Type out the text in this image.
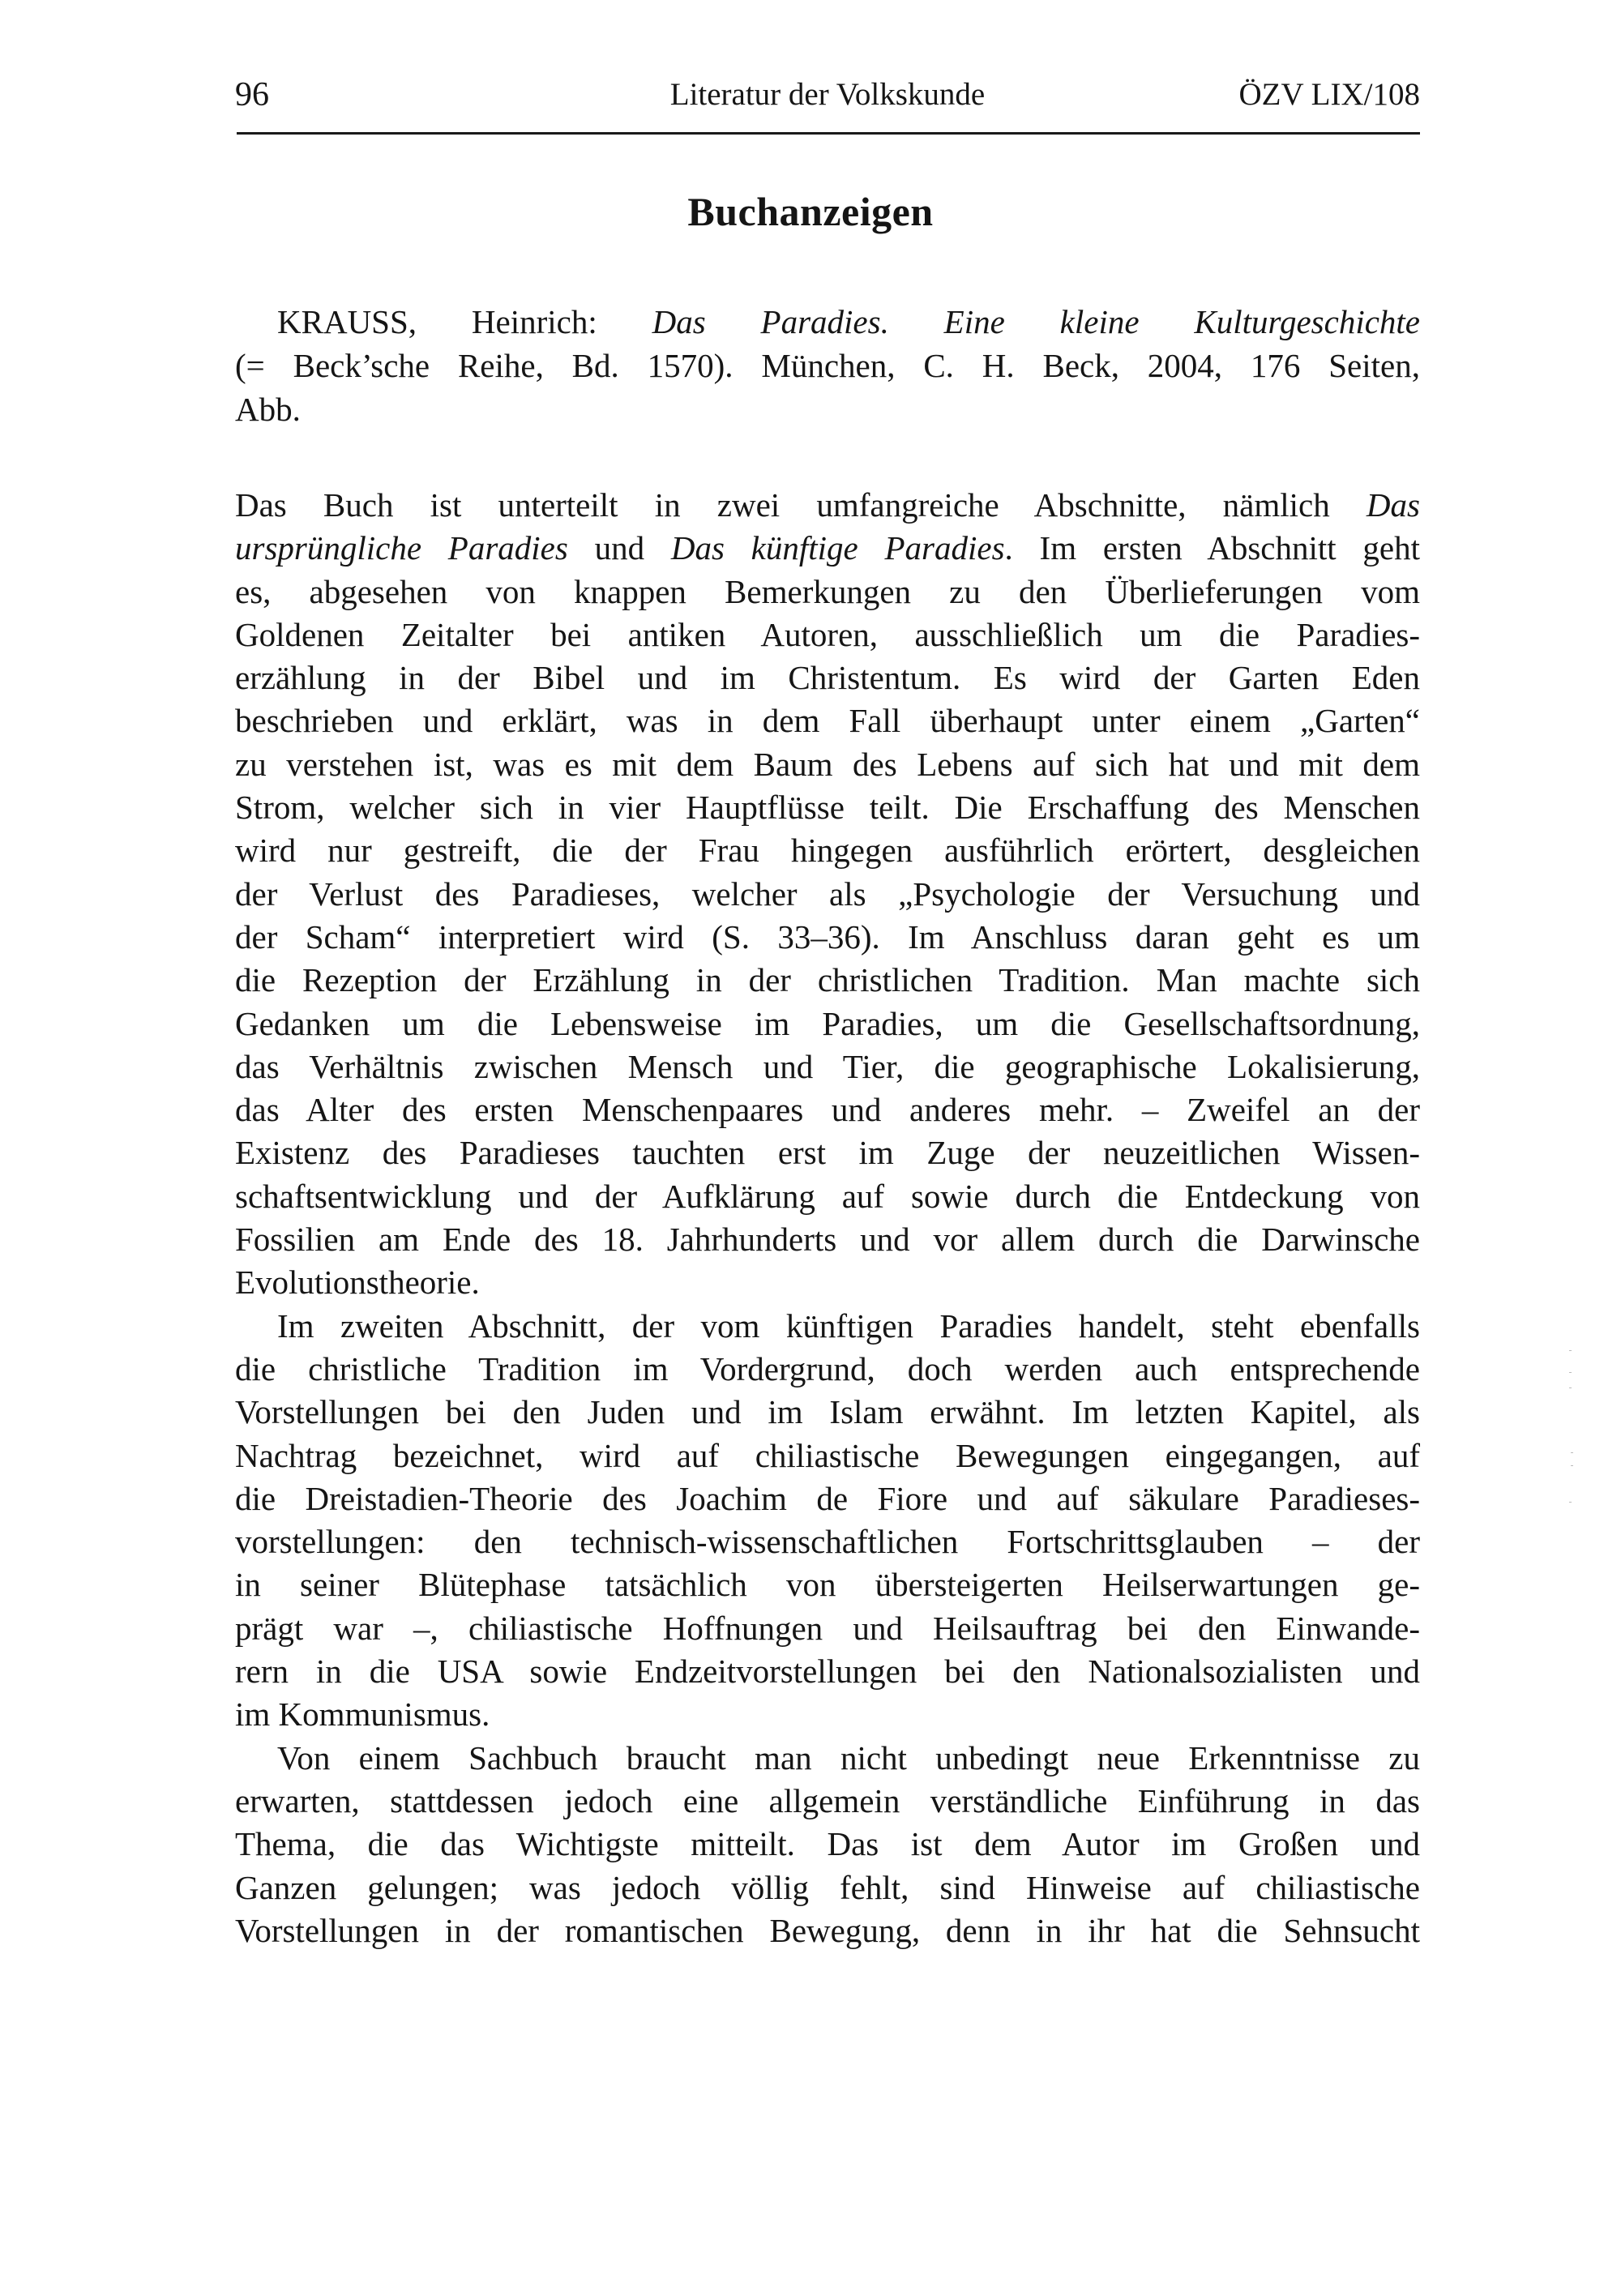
96	Literatur der Volkskunde	ÖZV LIX/108
Buchanzeigen
KRAUSS, Heinrich: Das Paradies. Eine kleine Kulturgeschichte
(= Beck’sche Reihe, Bd. 1570). München, C. H. Beck, 2004, 176 Seiten,
Abb.
Das Buch ist unterteilt in zwei umfangreiche Abschnitte, nämlich Das
ursprüngliche Paradies und Das künftige Paradies. Im ersten Abschnitt geht
es, abgesehen von knappen Bemerkungen zu den Überlieferungen vom
Goldenen Zeitalter bei antiken Autoren, ausschließlich um die Paradies-
erzählung in der Bibel und im Christentum. Es wird der Garten Eden
beschrieben und erklärt, was in dem Fall überhaupt unter einem „Garten“
zu verstehen ist, was es mit dem Baum des Lebens auf sich hat und mit dem
Strom, welcher sich in vier Hauptflüsse teilt. Die Erschaffung des Menschen
wird nur gestreift, die der Frau hingegen ausführlich erörtert, desgleichen
der Verlust des Paradieses, welcher als „Psychologie der Versuchung und
der Scham“ interpretiert wird (S. 33–36). Im Anschluss daran geht es um
die Rezeption der Erzählung in der christlichen Tradition. Man machte sich
Gedanken um die Lebensweise im Paradies, um die Gesellschaftsordnung,
das Verhältnis zwischen Mensch und Tier, die geographische Lokalisierung,
das Alter des ersten Menschenpaares und anderes mehr. – Zweifel an der
Existenz des Paradieses tauchten erst im Zuge der neuzeitlichen Wissen-
schaftsentwicklung und der Aufklärung auf sowie durch die Entdeckung von
Fossilien am Ende des 18. Jahrhunderts und vor allem durch die Darwinsche
Evolutionstheorie.
Im zweiten Abschnitt, der vom künftigen Paradies handelt, steht ebenfalls
die christliche Tradition im Vordergrund, doch werden auch entsprechende
Vorstellungen bei den Juden und im Islam erwähnt. Im letzten Kapitel, als
Nachtrag bezeichnet, wird auf chiliastische Bewegungen eingegangen, auf
die Dreistadien-Theorie des Joachim de Fiore und auf säkulare Paradieses-
vorstellungen: den technisch-wissenschaftlichen Fortschrittsglauben – der
in seiner Blütephase tatsächlich von übersteigerten Heilserwartungen ge-
prägt war –, chiliastische Hoffnungen und Heilsauftrag bei den Einwande-
rern in die USA sowie Endzeitvorstellungen bei den Nationalsozialisten und
im Kommunismus.
Von einem Sachbuch braucht man nicht unbedingt neue Erkenntnisse zu
erwarten, stattdessen jedoch eine allgemein verständliche Einführung in das
Thema, die das Wichtigste mitteilt. Das ist dem Autor im Großen und
Ganzen gelungen; was jedoch völlig fehlt, sind Hinweise auf chiliastische
Vorstellungen in der romantischen Bewegung, denn in ihr hat die Sehnsucht
